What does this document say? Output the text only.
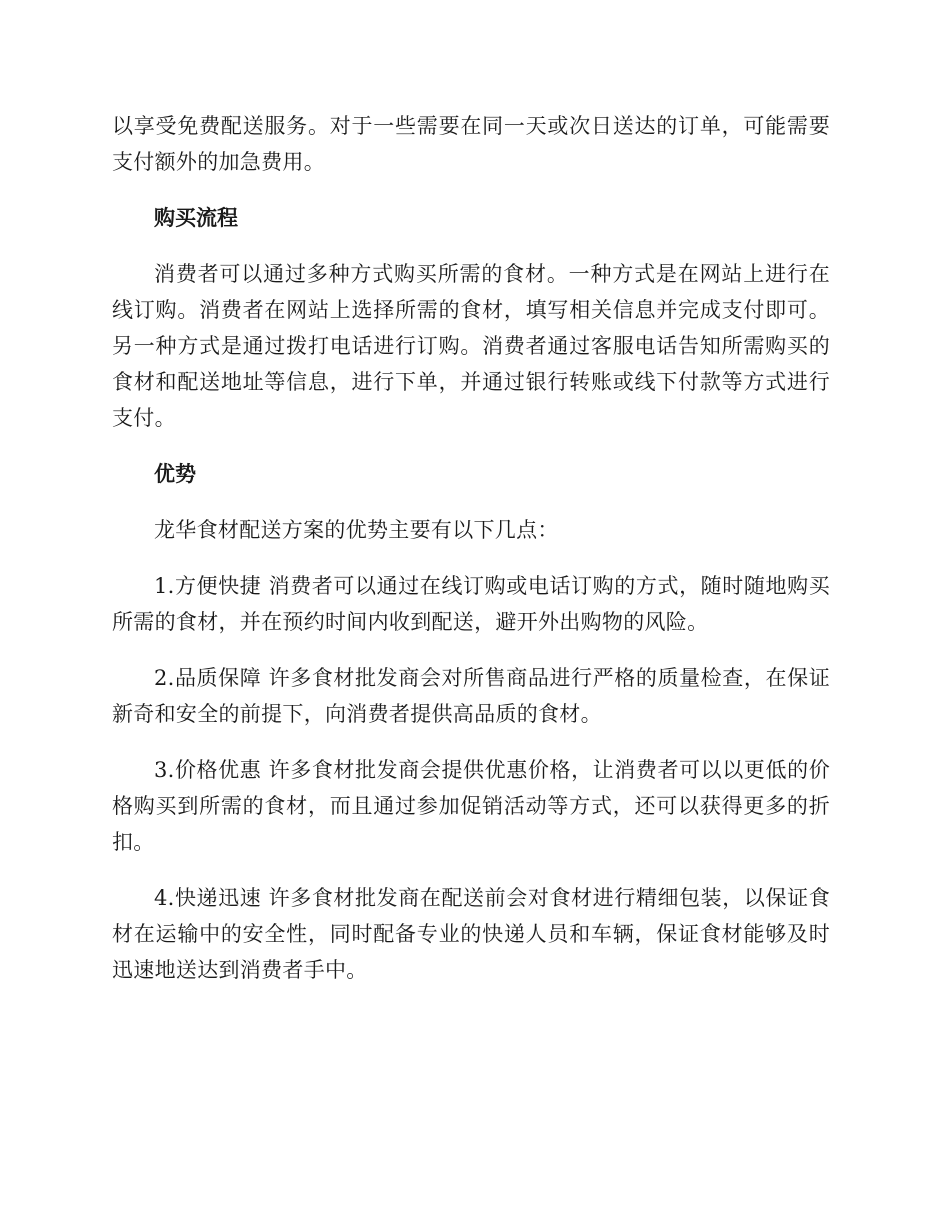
以享受免费配送服务。对于一些需要在同一天或次日送达的订单，可能需要支付额外的加急费用。

购买流程

消费者可以通过多种方式购买所需的食材。一种方式是在网站上进行在线订购。消费者在网站上选择所需的食材，填写相关信息并完成支付即可。另一种方式是通过拨打电话进行订购。消费者通过客服电话告知所需购买的食材和配送地址等信息，进行下单，并通过银行转账或线下付款等方式进行支付。

优势

龙华食材配送方案的优势主要有以下几点：

1.方便快捷 消费者可以通过在线订购或电话订购的方式，随时随地购买所需的食材，并在预约时间内收到配送，避开外出购物的风险。

2.品质保障 许多食材批发商会对所售商品进行严格的质量检查，在保证新奇和安全的前提下，向消费者提供高品质的食材。

3.价格优惠 许多食材批发商会提供优惠价格，让消费者可以以更低的价格购买到所需的食材，而且通过参加促销活动等方式，还可以获得更多的折扣。

4.快递迅速 许多食材批发商在配送前会对食材进行精细包装，以保证食材在运输中的安全性，同时配备专业的快递人员和车辆，保证食材能够及时迅速地送达到消费者手中。
